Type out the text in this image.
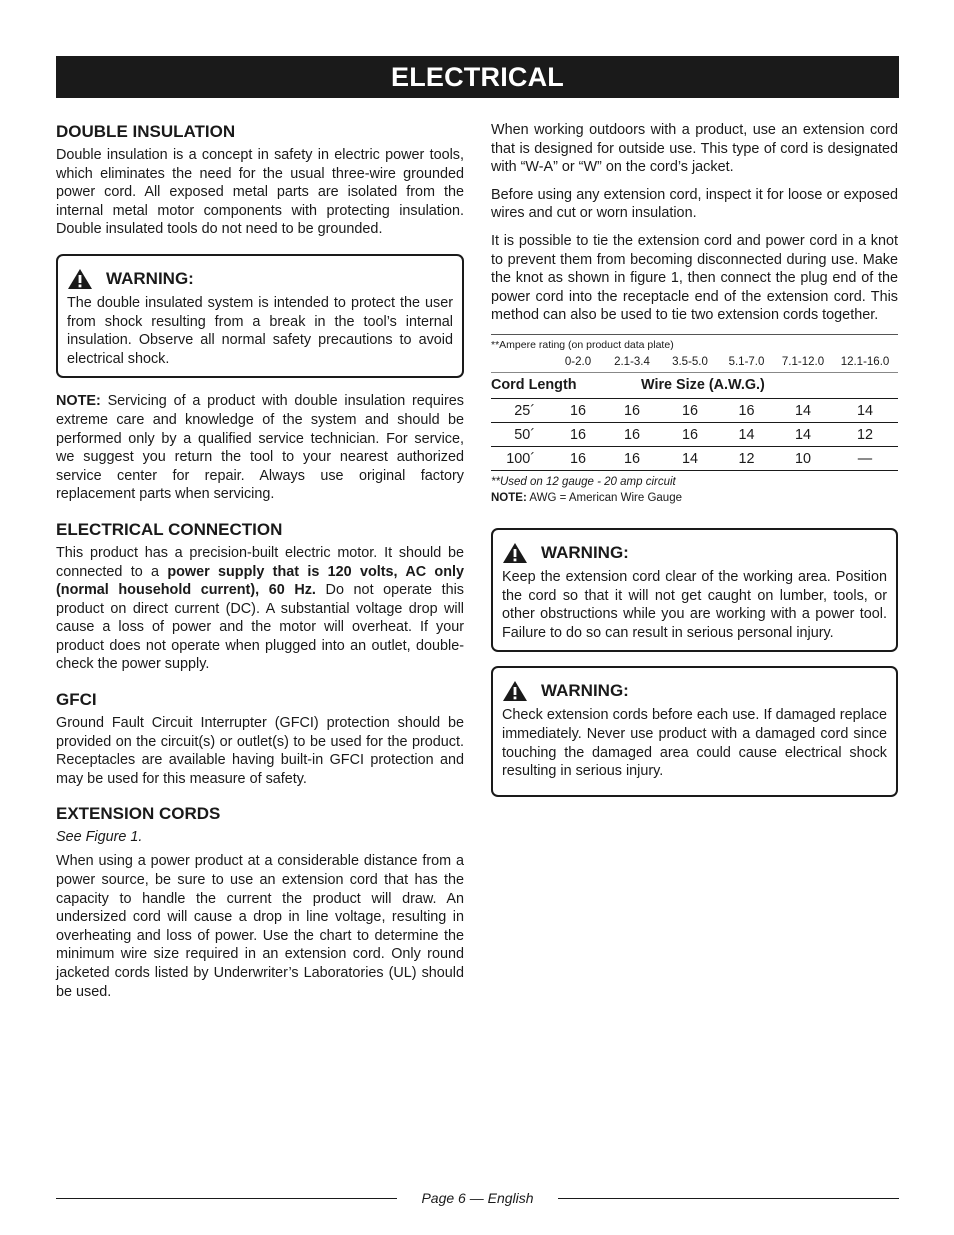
ELECTRICAL
DOUBLE INSULATION

Double insulation is a concept in safety in electric power tools, which eliminates the need for the usual three-wire grounded power cord. All exposed metal parts are isolated from the internal metal motor components with protecting insulation. Double insulated tools do not need to be grounded.

WARNING:

The double insulated system is intended to protect the user from shock resulting from a break in the tool’s internal insulation. Observe all normal safety precautions to avoid electrical shock.

NOTE: Servicing of a product with double insulation requires extreme care and knowledge of the system and should be performed only by a qualified service technician. For service, we suggest you return the tool to your nearest authorized service center for repair. Always use original factory replacement parts when servicing.

ELECTRICAL CONNECTION

This product has a precision-built electric motor. It should be connected to a power supply that is 120 volts, AC only (normal household current), 60 Hz. Do not operate this product on direct current (DC). A substantial voltage drop will cause a loss of power and the motor will overheat. If your product does not operate when plugged into an outlet, double-check the power supply.

GFCI

Ground Fault Circuit Interrupter (GFCI) protection should be provided on the circuit(s) or outlet(s) to be used for the product. Receptacles are available having built-in GFCI protection and may be used for this measure of safety.

EXTENSION CORDS
See Figure 1.

When using a power product at a considerable distance from a power source, be sure to use an extension cord that has the capacity to handle the current the product will draw. An undersized cord will cause a drop in line voltage, resulting in overheating and loss of power. Use the chart to determine the minimum wire size required in an extension cord. Only round jacketed cords listed by Underwriter’s Laboratories (UL) should be used.

When working outdoors with a product, use an extension cord that is designed for outside use. This type of cord is designated with “W-A” or “W” on the cord’s jacket.

Before using any extension cord, inspect it for loose or exposed wires and cut or worn insulation.

It is possible to tie the extension cord and power cord in a knot to prevent them from becoming disconnected during use. Make the knot as shown in figure 1, then connect the plug end of the power cord into the receptacle end of the extension cord. This method can also be used to tie two extension cords together.

**Ampere rating (on product data plate)
	0-2.0	2.1-3.4	3.5-5.0	5.1-7.0	7.1-12.0	12.1-16.0
Cord Length		Wire Size (A.W.G.)				
25´	16	16	16	16	14	14
50´	16	16	16	14	14	12
100´	16	16	14	12	10	—
**Used on 12 gauge - 20 amp circuit
NOTE: AWG = American Wire Gauge
WARNING:

Keep the extension cord clear of the working area. Position the cord so that it will not get caught on lumber, tools, or other obstructions while you are working with a power tool. Failure to do so can result in serious personal injury.

WARNING:

Check extension cords before each use. If damaged replace immediately. Never use product with a damaged cord since touching the damaged area could cause electrical shock resulting in serious injury.

Page 6 — English
